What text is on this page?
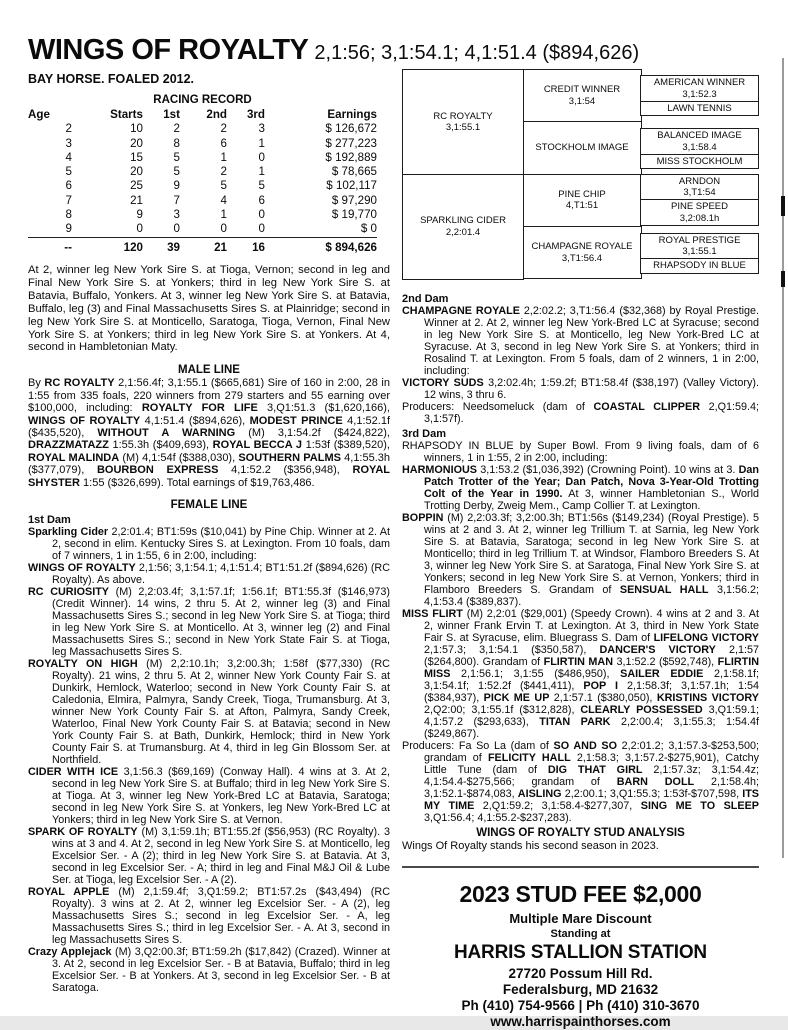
WINGS OF ROYALTY 2,1:56; 3,1:54.1; 4,1:51.4 ($894,626)
BAY HORSE. FOALED 2012.
RACING RECORD
Age	Starts	1st	2nd	3rd	Earnings
2	10	2	2	3	$ 126,672
3	20	8	6	1	$ 277,223
4	15	5	1	0	$ 192,889
5	20	5	2	1	$ 78,665
6	25	9	5	5	$ 102,117
7	21	7	4	6	$ 97,290
8	9	3	1	0	$ 19,770
9	0	0	0	0	$ 0
--	120	39	21	16	$ 894,626

At 2, winner leg New York Sire S. at Tioga, Vernon; second in leg and Final New York Sire S. at Yonkers; third in leg New York Sire S. at Batavia, Buffalo, Yonkers. At 3, winner leg New York Sire S. at Batavia, Buffalo, leg (3) and Final Massachusetts Sires S. at Plainridge; second in leg New York Sire S. at Monticello, Saratoga, Tioga, Vernon, Final New York Sire S. at Yonkers; third in leg New York Sire S. at Yonkers. At 4, second in Hambletonian Maty.

MALE LINE

By RC ROYALTY 2,1:56.4f; 3,1:55.1 ($665,681) Sire of 160 in 2:00, 28 in 1:55 from 335 foals, 220 winners from 279 starters and 55 earning over $100,000, including: ROYALTY FOR LIFE 3,Q1:51.3 ($1,620,166), WINGS OF ROYALTY 4,1:51.4 ($894,626), MODEST PRINCE 4,1:52.1f ($435,520), WITHOUT A WARNING (M) 3,1:54.2f ($424,822), DRAZZMATAZZ 1:55.3h ($409,693), ROYAL BECCA J 1:53f ($389,520), ROYAL MALINDA (M) 4,1:54f ($388,030), SOUTHERN PALMS 4,1:55.3h ($377,079), BOURBON EXPRESS 4,1:52.2 ($356,948), ROYAL SHYSTER 1:55 ($326,699). Total earnings of $19,763,486.

FEMALE LINE
1st Dam

Sparkling Cider 2,2:01.4; BT1:59s ($10,041) by Pine Chip. Winner at 2. At 2, second in elim. Kentucky Sires S. at Lexington. From 10 foals, dam of 7 winners, 1 in 1:55, 6 in 2:00, including:

WINGS OF ROYALTY 2,1:56; 3,1:54.1; 4,1:51.4; BT1:51.2f ($894,626) (RC Royalty). As above.

RC CURIOSITY (M) 2,2:03.4f; 3,1:57.1f; 1:56.1f; BT1:55.3f ($146,973) (Credit Winner). 14 wins, 2 thru 5. At 2, winner leg (3) and Final Massachusetts Sires S.; second in leg New York Sire S. at Tioga; third in leg New York Sire S. at Monticello. At 3, winner leg (2) and Final Massachusetts Sires S.; second in New York State Fair S. at Tioga, leg Massachusetts Sires S.

ROYALTY ON HIGH (M) 2,2:10.1h; 3,2:00.3h; 1:58f ($77,330) (RC Royalty). 21 wins, 2 thru 5. At 2, winner New York County Fair S. at Dunkirk, Hemlock, Waterloo; second in New York County Fair S. at Caledonia, Elmira, Palmyra, Sandy Creek, Tioga, Trumansburg. At 3, winner New York County Fair S. at Afton, Palmyra, Sandy Creek, Waterloo, Final New York County Fair S. at Batavia; second in New York County Fair S. at Bath, Dunkirk, Hemlock; third in New York County Fair S. at Trumansburg. At 4, third in leg Gin Blossom Ser. at Northfield.

CIDER WITH ICE 3,1:56.3 ($69,169) (Conway Hall). 4 wins at 3. At 2, second in leg New York Sire S. at Buffalo; third in leg New York Sire S. at Tioga. At 3, winner leg New York-Bred LC at Batavia, Saratoga; second in leg New York Sire S. at Yonkers, leg New York-Bred LC at Yonkers; third in leg New York Sire S. at Vernon.

SPARK OF ROYALTY (M) 3,1:59.1h; BT1:55.2f ($56,953) (RC Royalty). 3 wins at 3 and 4. At 2, second in leg New York Sire S. at Monticello, leg Excelsior Ser. - A (2); third in leg New York Sire S. at Batavia. At 3, second in leg Excelsior Ser. - A; third in leg and Final M&J Oil & Lube Ser. at Tioga, leg Excelsior Ser. - A (2).

ROYAL APPLE (M) 2,1:59.4f; 3,Q1:59.2; BT1:57.2s ($43,494) (RC Royalty). 3 wins at 2. At 2, winner leg Excelsior Ser. - A (2), leg Massachusetts Sires S.; second in leg Excelsior Ser. - A, leg Massachusetts Sires S.; third in leg Excelsior Ser. - A. At 3, second in leg Massachusetts Sires S.

Crazy Applejack (M) 3,Q2:00.3f; BT1:59.2h ($17,842) (Crazed). Winner at 3. At 2, second in leg Excelsior Ser. - B at Batavia, Buffalo; third in leg Excelsior Ser. - B at Yonkers. At 3, second in leg Excelsior Ser. - B at Saratoga.

RC ROYALTY
3,1:55.1
CREDIT WINNER
3,1:54
STOCKHOLM IMAGE
AMERICAN WINNER
3,1:52.3
LAWN TENNIS
BALANCED IMAGE
3,1:58.4
MISS STOCKHOLM
SPARKLING CIDER
2,2:01.4
PINE CHIP
4,T1:51
CHAMPAGNE ROYALE
3,T1:56.4
ARNDON
3,T1:54
PINE SPEED
3,2:08.1h
ROYAL PRESTIGE
3,1:55.1
RHAPSODY IN BLUE
2nd Dam

CHAMPAGNE ROYALE 2,2:02.2; 3,T1:56.4 ($32,368) by Royal Prestige. Winner at 2. At 2, winner leg New York-Bred LC at Syracuse; second in leg New York Sire S. at Monticello, leg New York-Bred LC at Syracuse. At 3, second in leg New York Sire S. at Yonkers; third in Rosalind T. at Lexington. From 5 foals, dam of 2 winners, 1 in 2:00, including:

VICTORY SUDS 3,2:02.4h; 1:59.2f; BT1:58.4f ($38,197) (Valley Victory). 12 wins, 3 thru 6.

Producers: Needsomeluck (dam of COASTAL CLIPPER 2,Q1:59.4; 3,1:57f).

3rd Dam

RHAPSODY IN BLUE by Super Bowl. From 9 living foals, dam of 6 winners, 1 in 1:55, 2 in 2:00, including:

HARMONIOUS 3,1:53.2 ($1,036,392) (Crowning Point). 10 wins at 3. Dan Patch Trotter of the Year; Dan Patch, Nova 3-Year-Old Trotting Colt of the Year in 1990. At 3, winner Hambletonian S., World Trotting Derby, Zweig Mem., Camp Collier T. at Lexington.

BOPPIN (M) 2,2:03.3f; 3,2:00.3h; BT1:56s ($149,234) (Royal Prestige). 5 wins at 2 and 3. At 2, winner leg Trillium T. at Sarnia, leg New York Sire S. at Batavia, Saratoga; second in leg New York Sire S. at Monticello; third in leg Trillium T. at Windsor, Flamboro Breeders S. At 3, winner leg New York Sire S. at Saratoga, Final New York Sire S. at Yonkers; second in leg New York Sire S. at Vernon, Yonkers; third in Flamboro Breeders S. Grandam of SENSUAL HALL 3,1:56.2; 4,1:53.4 ($389,837).

MISS FLIRT (M) 2,2:01 ($29,001) (Speedy Crown). 4 wins at 2 and 3. At 2, winner Frank Ervin T. at Lexington. At 3, third in New York State Fair S. at Syracuse, elim. Bluegrass S. Dam of LIFELONG VICTORY 2,1:57.3; 3,1:54.1 ($350,587), DANCER'S VICTORY 2,1:57 ($264,800). Grandam of FLIRTIN MAN 3,1:52.2 ($592,748), FLIRTIN MISS 2,1:56.1; 3,1:55 ($486,950), SAILER EDDIE 2,1:58.1f; 3,1:54.1f; 1:52.2f ($441,411), POP I 2,1:58.3f; 3,1:57.1h; 1:54 ($384,937), PICK ME UP 2,1:57.1 ($380,050), KRISTINS VICTORY 2,Q2:00; 3,1:55.1f ($312,828), CLEARLY POSSESSED 3,Q1:59.1; 4,1:57.2 ($293,633), TITAN PARK 2,2:00.4; 3,1:55.3; 1:54.4f ($249,867).

Producers: Fa So La (dam of SO AND SO 2,2:01.2; 3,1:57.3-$253,500; grandam of FELICITY HALL 2,1:58.3; 3,1:57.2-$275,901), Catchy Little Tune (dam of DIG THAT GIRL 2,1:57.3z; 3,1:54.4z; 4,1:54.4-$275,566; grandam of BARN DOLL 2,1:58.4h; 3,1:52.1-$874,083, AISLING 2,2:00.1; 3,Q1:55.3; 1:53f-$707,598, ITS MY TIME 2,Q1:59.2; 3,1:58.4-$277,307, SING ME TO SLEEP 3,Q1:56.4; 4,1:55.2-$237,283).

WINGS OF ROYALTY STUD ANALYSIS
Wings Of Royalty stands his second season in 2023.
2023 STUD FEE $2,000
Multiple Mare Discount
Standing at
HARRIS STALLION STATION
27720 Possum Hill Rd.
Federalsburg, MD 21632
Ph (410) 754-9566 | Ph (410) 310-3670
www.harrispainthorses.com
